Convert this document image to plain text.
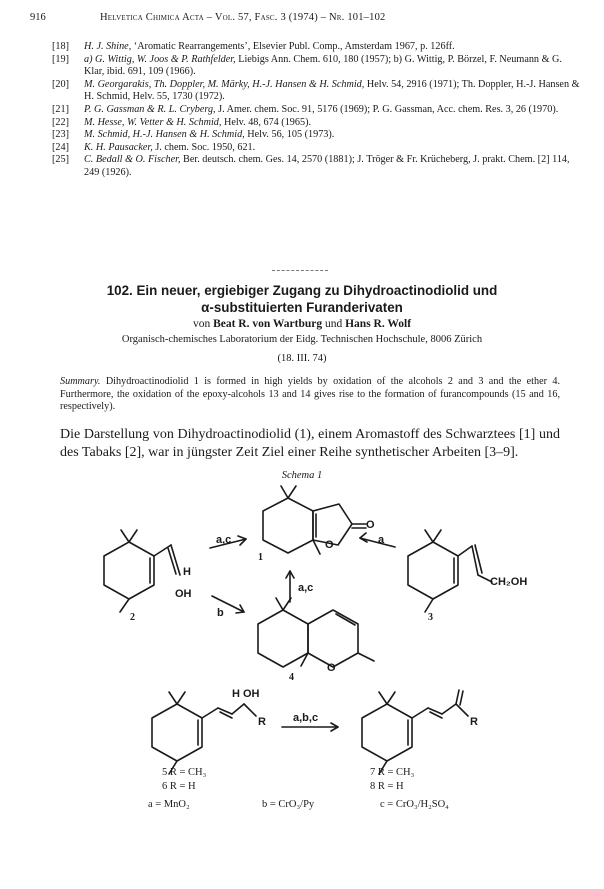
916	Helvetica Chimica Acta – Vol. 57, Fasc. 3 (1974) – Nr. 101–102
[18] H. J. Shine, ‘Aromatic Rearrangements’, Elsevier Publ. Comp., Amsterdam 1967, p. 126ff.
[19] a) G. Wittig, W. Joos & P. Rathfelder, Liebigs Ann. Chem. 610, 180 (1957); b) G. Wittig, P. Börzel, F. Neumann & G. Klar, ibid. 691, 109 (1966).
[20] M. Georgarakis, Th. Doppler, M. Märky, H.-J. Hansen & H. Schmid, Helv. 54, 2916 (1971); Th. Doppler, H.-J. Hansen & H. Schmid, Helv. 55, 1730 (1972).
[21] P. G. Gassman & R. L. Cryberg, J. Amer. chem. Soc. 91, 5176 (1969); P. G. Gassman, Acc. chem. Res. 3, 26 (1970).
[22] M. Hesse, W. Vetter & H. Schmid, Helv. 48, 674 (1965).
[23] M. Schmid, H.-J. Hansen & H. Schmid, Helv. 56, 105 (1973).
[24] K. H. Pausacker, J. chem. Soc. 1950, 621.
[25] C. Bedall & O. Fischer, Ber. deutsch. chem. Ges. 14, 2570 (1881); J. Tröger & Fr. Krücheberg, J. prakt. Chem. [2] 114, 249 (1926).
102. Ein neuer, ergiebiger Zugang zu Dihydroactinodiolid und
α-substituierten Furanderivaten
von Beat R. von Wartburg und Hans R. Wolf
Organisch-chemisches Laboratorium der Eidg. Technischen Hochschule, 8006 Zürich
(18. III. 74)
Summary. Dihydroactinodiolid 1 is formed in high yields by oxidation of the alcohols 2 and 3 and the ether 4. Furthermore, the oxidation of the epoxy-alcohols 13 and 14 gives rise to the formation of furancompounds (15 and 16, respectively).
Die Darstellung von Dihydroactinodiolid (1), einem Aromastoff des Schwarztees [1] und des Tabaks [2], war in jüngster Zeit Ziel einer Reihe synthetischer Arbeiten [3–9].
Schema 1
a,c	a
b
a,c
a,b,c
O
O
O
H
OH
CH₂OH
H OH
R	R
1
2	3
4
5 R = CH₃
6 R = H
7 R = CH₃
8 R = H
a = MnO₂	b = CrO₃/Py	c = CrO₃/H₂SO₄
